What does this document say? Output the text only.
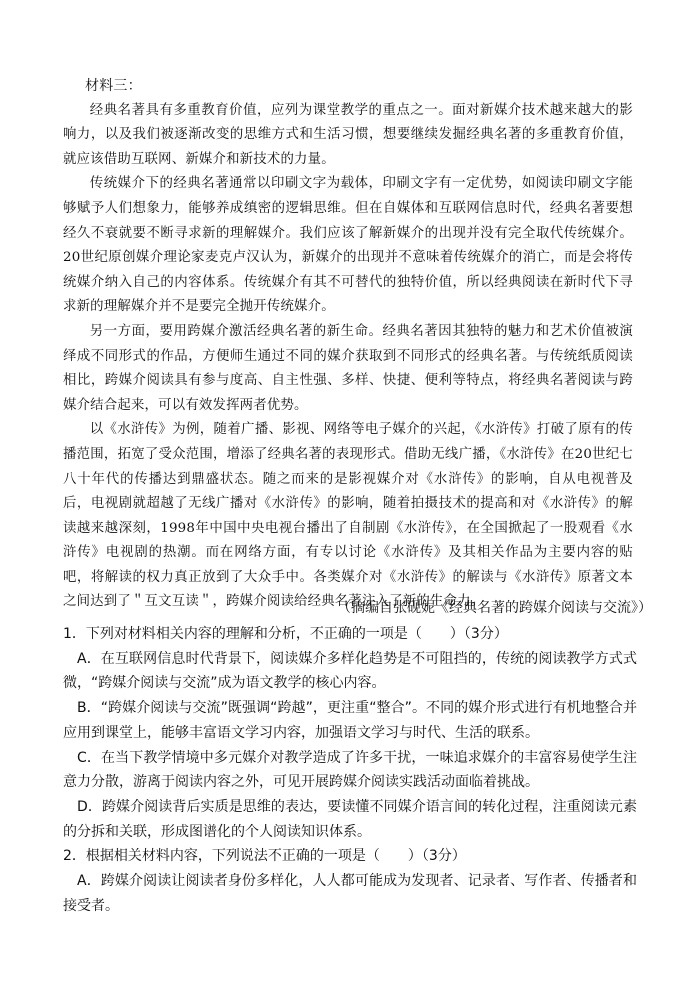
材料三：

经典名著具有多重教育价值，应列为课堂教学的重点之一。面对新媒介技术越来越大的影响力，以及我们被逐渐改变的思维方式和生活习惯，想要继续发掘经典名著的多重教育价值，就应该借助互联网、新媒介和新技术的力量。

传统媒介下的经典名著通常以印刷文字为载体，印刷文字有一定优势，如阅读印刷文字能够赋予人们想象力，能够养成缜密的逻辑思维。但在自媒体和互联网信息时代，经典名著要想经久不衰就要不断寻求新的理解媒介。我们应该了解新媒介的出现并没有完全取代传统媒介。20世纪原创媒介理论家麦克卢汉认为，新媒介的出现并不意味着传统媒介的消亡，而是会将传统媒介纳入自己的内容体系。传统媒介有其不可替代的独特价值，所以经典阅读在新时代下寻求新的理解媒介并不是要完全抛开传统媒介。

另一方面，要用跨媒介激活经典名著的新生命。经典名著因其独特的魅力和艺术价值被演绎成不同形式的作品，方便师生通过不同的媒介获取到不同形式的经典名著。与传统纸质阅读相比，跨媒介阅读具有参与度高、自主性强、多样、快捷、便利等特点，将经典名著阅读与跨媒介结合起来，可以有效发挥两者优势。

以《水浒传》为例，随着广播、影视、网络等电子媒介的兴起，《水浒传》打破了原有的传播范围，拓宽了受众范围，增添了经典名著的表现形式。借助无线广播，《水浒传》在20世纪七八十年代的传播达到鼎盛状态。随之而来的是影视媒介对《水浒传》的影响，自从电视普及后，电视剧就超越了无线广播对《水浒传》的影响，随着拍摄技术的提高和对《水浒传》的解读越来越深刻，1998年中国中央电视台播出了自制剧《水浒传》，在全国掀起了一股观看《水浒传》电视剧的热潮。而在网络方面，有专以讨论《水浒传》及其相关作品为主要内容的贴吧，将解读的权力真正放到了大众手中。各类媒介对《水浒传》的解读与《水浒传》原著文本之间达到了＂互文互读＂，跨媒介阅读给经典名著注入了新的生命力。

（摘编自张砚妮《经典名著的跨媒介阅读与交流》）

1．下列对材料相关内容的理解和分析，不正确的一项是（　　）（3分）

A．在互联网信息时代背景下，阅读媒介多样化趋势是不可阻挡的，传统的阅读教学方式式微，“跨媒介阅读与交流”成为语文教学的核心内容。

B．“跨媒介阅读与交流”既强调“跨越”，更注重“整合”。不同的媒介形式进行有机地整合并应用到课堂上，能够丰富语文学习内容，加强语文学习与时代、生活的联系。

C．在当下教学情境中多元媒介对教学造成了许多干扰，一味追求媒介的丰富容易使学生注意力分散，游离于阅读内容之外，可见开展跨媒介阅读实践活动面临着挑战。

D．跨媒介阅读背后实质是思维的表达，要读懂不同媒介语言间的转化过程，注重阅读元素的分拆和关联，形成图谱化的个人阅读知识体系。

2．根据相关材料内容，下列说法不正确的一项是（　　）（3分）

A．跨媒介阅读让阅读者身份多样化，人人都可能成为发现者、记录者、写作者、传播者和接受者。
